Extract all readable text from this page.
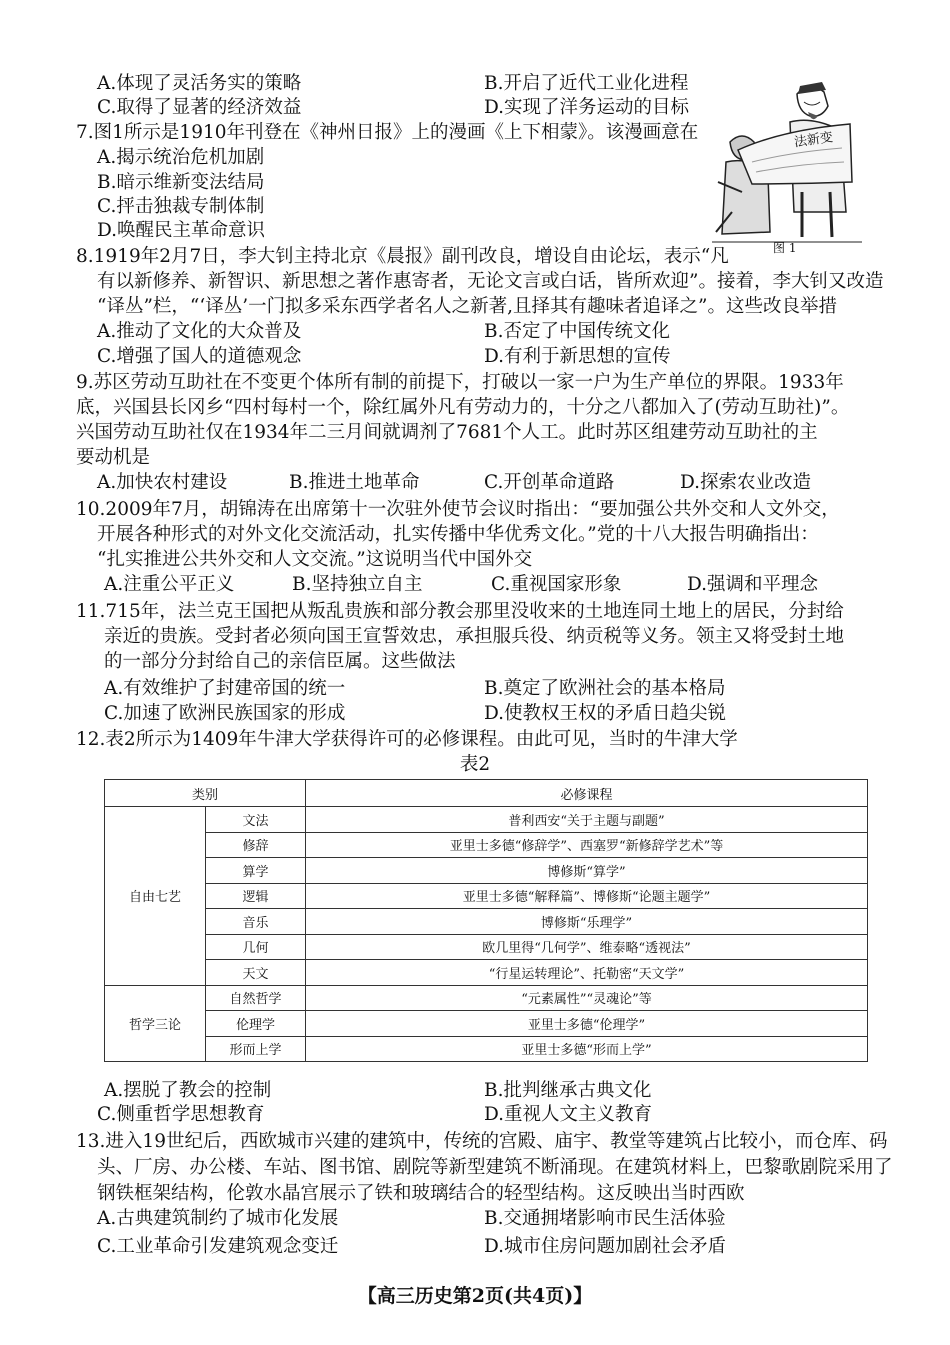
A.体现了灵活务实的策略	B.开启了近代工业化进程
C.取得了显著的经济效益	D.实现了洋务运动的目标
7.图1所示是1910年刊登在《神州日报》上的漫画《上下相蒙》。该漫画意在
A.揭示统治危机加剧
B.暗示维新变法结局
C.抨击独裁专制体制
D.唤醒民主革命意识
法新变
图 1
8.1919年2月7日，李大钊主持北京《晨报》副刊改良，增设自由论坛，表示“凡
有以新修养、新智识、新思想之著作惠寄者，无论文言或白话，皆所欢迎”。接着，李大钊又改造
“译丛”栏，“‘译丛’一门拟多采东西学者名人之新著,且择其有趣味者追译之”。这些改良举措
A.推动了文化的大众普及	B.否定了中国传统文化
C.增强了国人的道德观念	D.有利于新思想的宣传
9.苏区劳动互助社在不变更个体所有制的前提下，打破以一家一户为生产单位的界限。1933年
底，兴国县长冈乡“四村每村一个，除红属外凡有劳动力的，十分之八都加入了(劳动互助社)”。
兴国劳动互助社仅在1934年二三月间就调剂了7681个人工。此时苏区组建劳动互助社的主
要动机是
A.加快农村建设	B.推进土地革命	C.开创革命道路	D.探索农业改造
10.2009年7月，胡锦涛在出席第十一次驻外使节会议时指出：“要加强公共外交和人文外交，
开展各种形式的对外文化交流活动，扎实传播中华优秀文化。”党的十八大报告明确指出：
“扎实推进公共外交和人文交流。”这说明当代中国外交
A.注重公平正义	B.坚持独立自主	C.重视国家形象	D.强调和平理念
11.715年，法兰克王国把从叛乱贵族和部分教会那里没收来的土地连同土地上的居民，分封给
亲近的贵族。受封者必须向国王宣誓效忠，承担服兵役、纳贡税等义务。领主又将受封土地
的一部分分封给自己的亲信臣属。这些做法
A.有效维护了封建帝国的统一	B.奠定了欧洲社会的基本格局
C.加速了欧洲民族国家的形成	D.使教权王权的矛盾日趋尖锐
12.表2所示为1409年牛津大学获得许可的必修课程。由此可见，当时的牛津大学
表2
类别		必修课程
自由七艺	文法	普利西安“关于主题与副题”
	修辞	亚里士多德“修辞学”、西塞罗“新修辞学艺术”等
	算学	博修斯“算学”
	逻辑	亚里士多德“解释篇”、博修斯“论题主题学”
	音乐	博修斯“乐理学”
	几何	欧几里得“几何学”、维泰略“透视法”
	天文	“行星运转理论”、托勒密“天文学”
哲学三论	自然哲学	“元素属性”“灵魂论”等
	伦理学	亚里士多德“伦理学”
	形而上学	亚里士多德“形而上学”
A.摆脱了教会的控制	B.批判继承古典文化
C.侧重哲学思想教育	D.重视人文主义教育
13.进入19世纪后，西欧城市兴建的建筑中，传统的宫殿、庙宇、教堂等建筑占比较小，而仓库、码
头、厂房、办公楼、车站、图书馆、剧院等新型建筑不断涌现。在建筑材料上，巴黎歌剧院采用了
钢铁框架结构，伦敦水晶宫展示了铁和玻璃结合的轻型结构。这反映出当时西欧
A.古典建筑制约了城市化发展	B.交通拥堵影响市民生活体验
C.工业革命引发建筑观念变迁	D.城市住房问题加剧社会矛盾
【高三历史第2页(共4页)】
